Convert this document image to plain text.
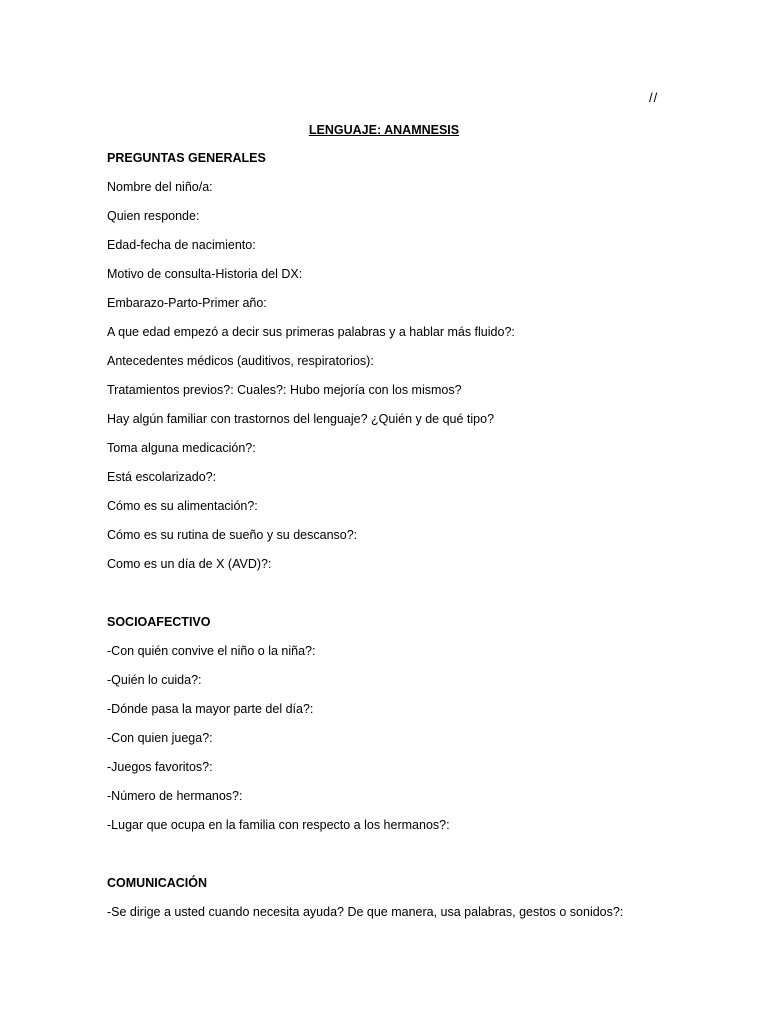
//
LENGUAJE: ANAMNESIS
PREGUNTAS GENERALES
Nombre del niño/a:
Quien responde:
Edad-fecha de nacimiento:
Motivo de consulta-Historia del DX:
Embarazo-Parto-Primer año:
A que edad empezó a decir sus primeras palabras y a hablar más fluido?:
Antecedentes médicos (auditivos, respiratorios):
Tratamientos previos?: Cuales?: Hubo mejoría con los mismos?
Hay algún familiar con trastornos del lenguaje? ¿Quién y de qué tipo?
Toma alguna medicación?:
Está escolarizado?:
Cómo es su alimentación?:
Cómo es su rutina de sueño y su descanso?:
Como es un día de X (AVD)?:
SOCIOAFECTIVO
-Con quién convive el niño o la niña?:
-Quién lo cuida?:
-Dónde pasa la mayor parte del día?:
-Con quien juega?:
-Juegos favoritos?:
-Número de hermanos?:
-Lugar que ocupa en la familia con respecto a los hermanos?:
COMUNICACIÓN
-Se dirige a usted cuando necesita ayuda? De que manera, usa palabras, gestos o sonidos?:
